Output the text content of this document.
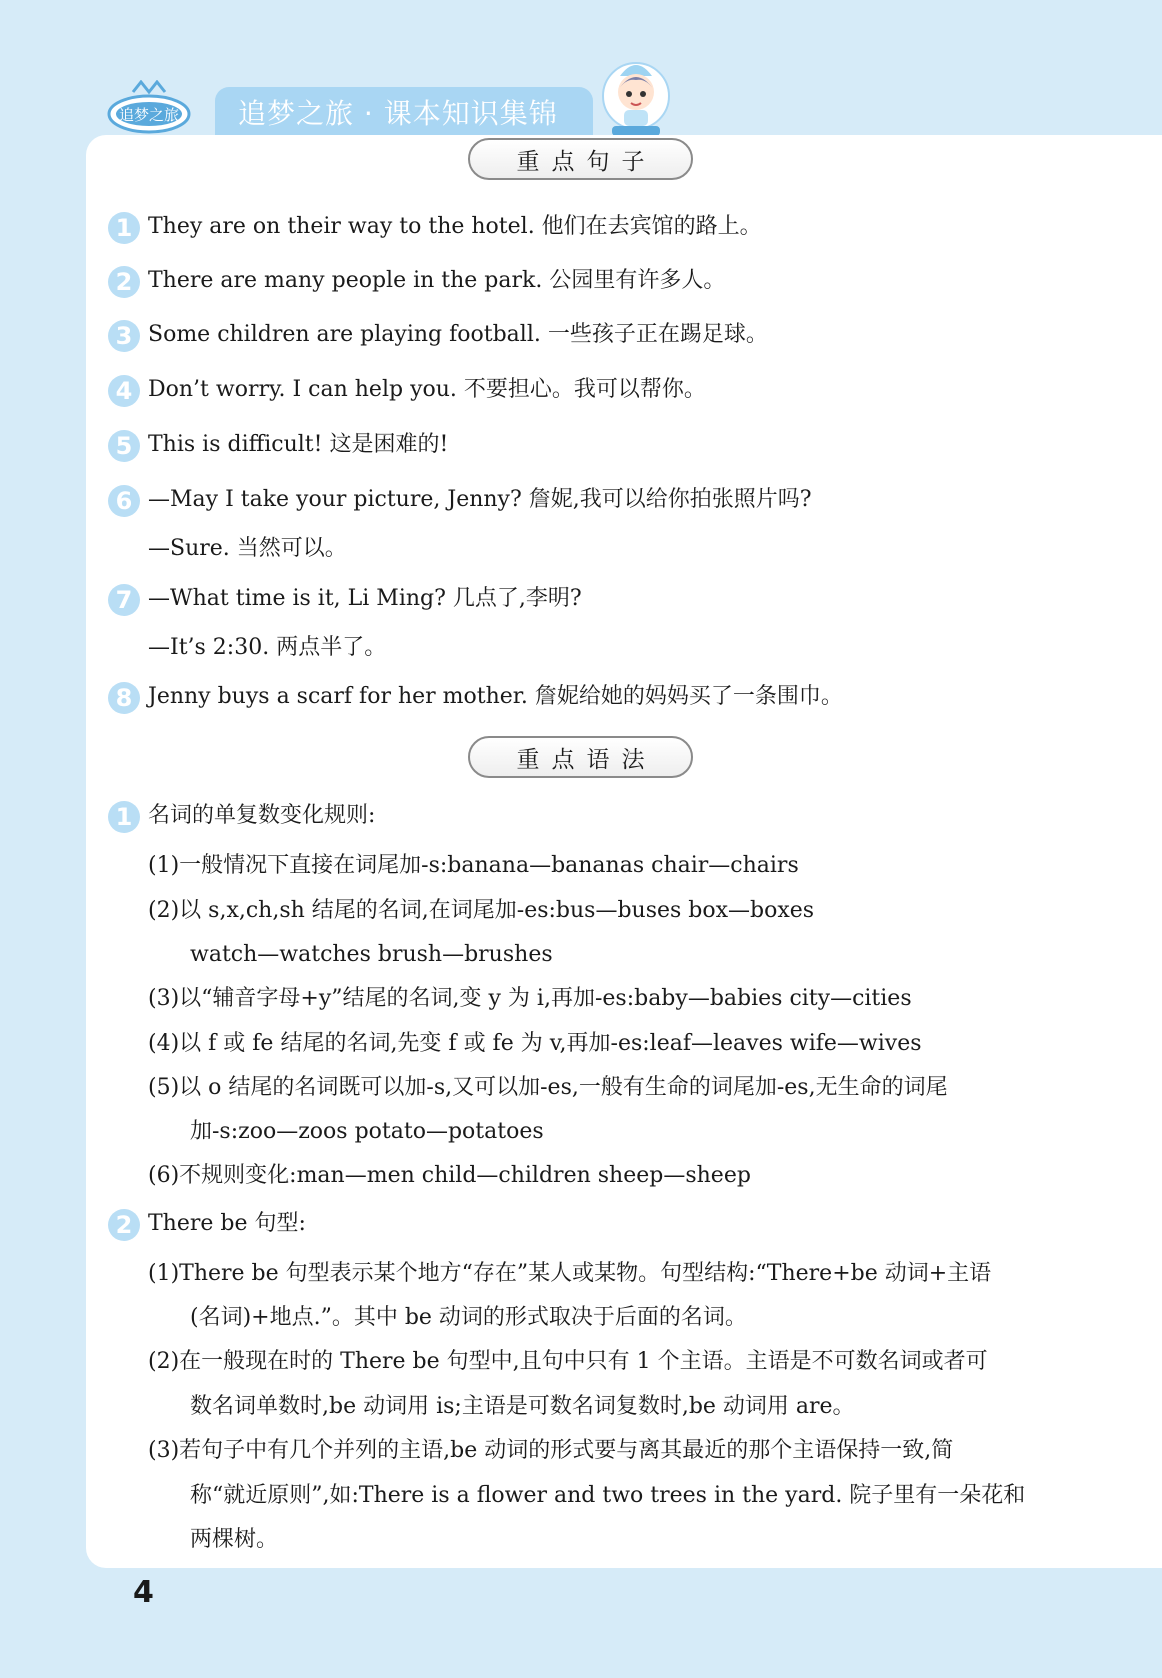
追梦之旅 · 课本知识集锦
追梦之旅
重点句子
1 They are on their way to the hotel. 他们在去宾馆的路上。
2 There are many people in the park. 公园里有许多人。
3 Some children are playing football. 一些孩子正在踢足球。
4 Don’t worry. I can help you. 不要担心。我可以帮你。
5 This is difficult! 这是困难的!
6 —May I take your picture, Jenny? 詹妮,我可以给你拍张照片吗?
—Sure. 当然可以。
7 —What time is it, Li Ming? 几点了,李明?
—It’s 2:30. 两点半了。
8 Jenny buys a scarf for her mother. 詹妮给她的妈妈买了一条围巾。
重点语法
1 名词的单复数变化规则:
(1)一般情况下直接在词尾加-s:banana—bananas chair—chairs
(2)以 s,x,ch,sh 结尾的名词,在词尾加-es:bus—buses box—boxes
watch—watches brush—brushes
(3)以“辅音字母+y”结尾的名词,变 y 为 i,再加-es:baby—babies city—cities
(4)以 f 或 fe 结尾的名词,先变 f 或 fe 为 v,再加-es:leaf—leaves wife—wives
(5)以 o 结尾的名词既可以加-s,又可以加-es,一般有生命的词尾加-es,无生命的词尾
加-s:zoo—zoos potato—potatoes
(6)不规则变化:man—men child—children sheep—sheep
2 There be 句型:
(1)There be 句型表示某个地方“存在”某人或某物。句型结构:“There+be 动词+主语
(名词)+地点.”。其中 be 动词的形式取决于后面的名词。
(2)在一般现在时的 There be 句型中,且句中只有 1 个主语。主语是不可数名词或者可
数名词单数时,be 动词用 is;主语是可数名词复数时,be 动词用 are。
(3)若句子中有几个并列的主语,be 动词的形式要与离其最近的那个主语保持一致,简
称“就近原则”,如:There is a flower and two trees in the yard. 院子里有一朵花和
两棵树。
4
